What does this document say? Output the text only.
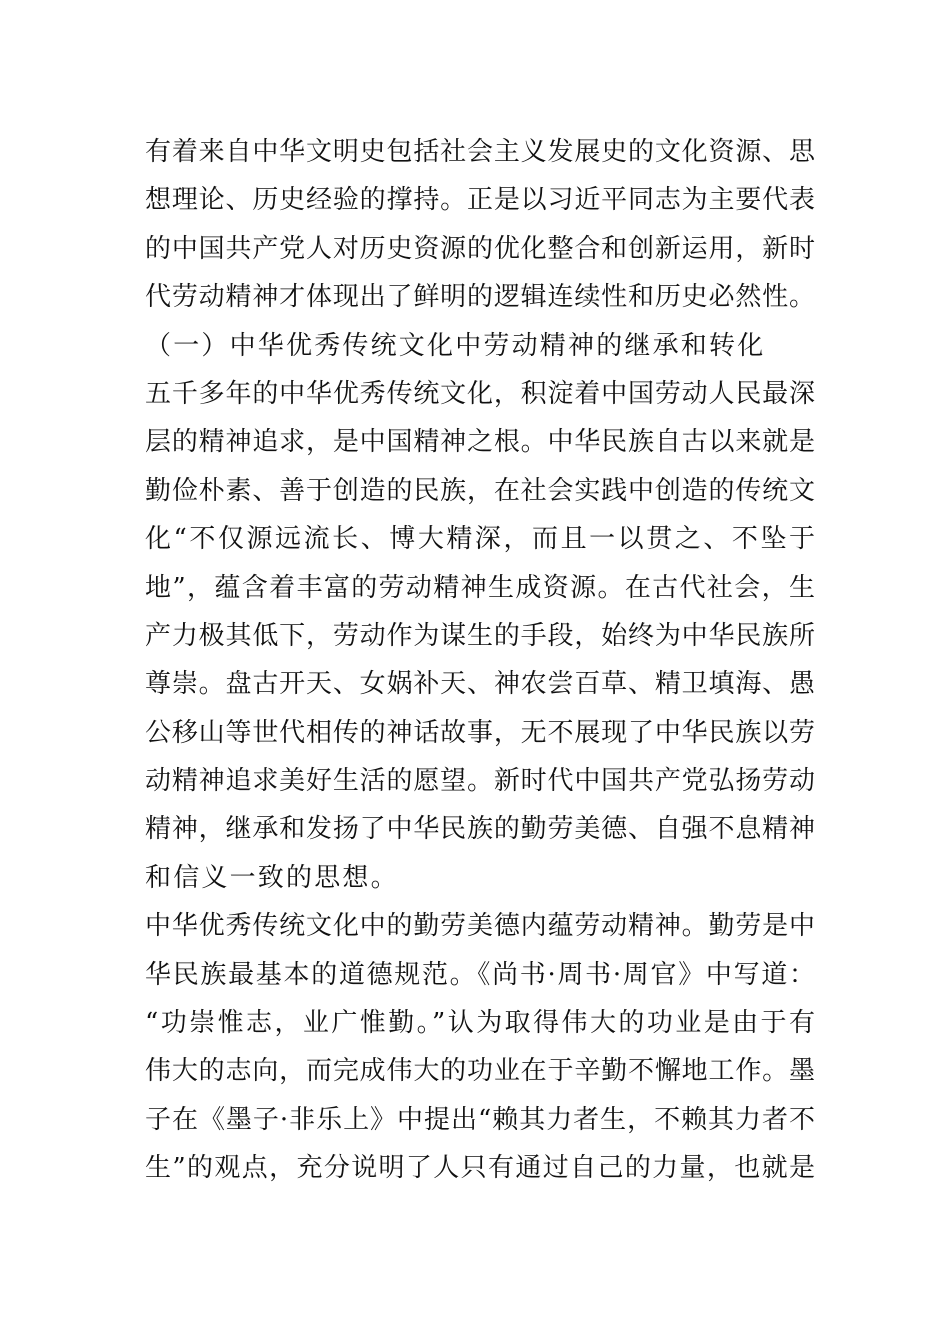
有着来自中华文明史包括社会主义发展史的文化资源、思
想理论、历史经验的撑持。正是以习近平同志为主要代表
的中国共产党人对历史资源的优化整合和创新运用，新时
代劳动精神才体现出了鲜明的逻辑连续性和历史必然性。
（一）中华优秀传统文化中劳动精神的继承和转化
五千多年的中华优秀传统文化，积淀着中国劳动人民最深
层的精神追求，是中国精神之根。中华民族自古以来就是
勤俭朴素、善于创造的民族，在社会实践中创造的传统文
化“不仅源远流长、博大精深，而且一以贯之、不坠于
地”，蕴含着丰富的劳动精神生成资源。在古代社会，生
产力极其低下，劳动作为谋生的手段，始终为中华民族所
尊崇。盘古开天、女娲补天、神农尝百草、精卫填海、愚
公移山等世代相传的神话故事，无不展现了中华民族以劳
动精神追求美好生活的愿望。新时代中国共产党弘扬劳动
精神，继承和发扬了中华民族的勤劳美德、自强不息精神
和信义一致的思想。
中华优秀传统文化中的勤劳美德内蕴劳动精神。勤劳是中
华民族最基本的道德规范。《尚书·周书·周官》中写道：
“功崇惟志，业广惟勤。”认为取得伟大的功业是由于有
伟大的志向，而完成伟大的功业在于辛勤不懈地工作。墨
子在《墨子·非乐上》中提出“赖其力者生，不赖其力者不
生”的观点，充分说明了人只有通过自己的力量，也就是
